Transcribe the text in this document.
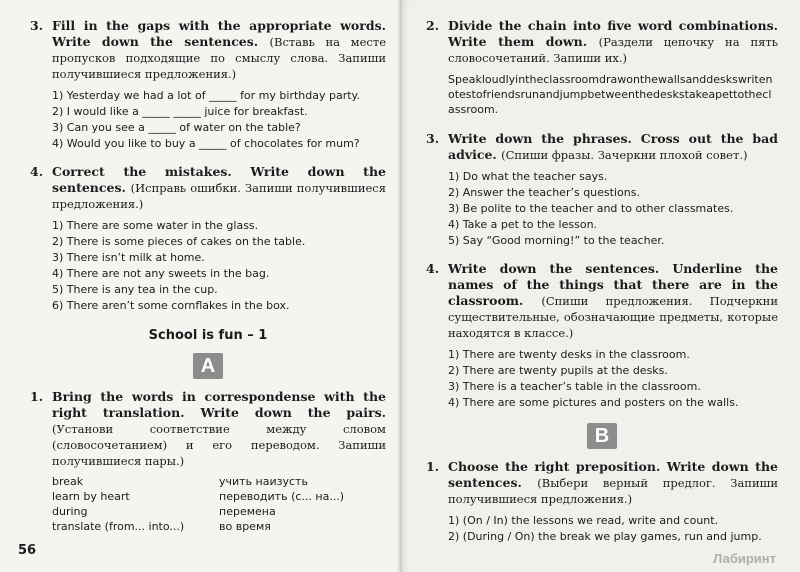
3. Fill in the gaps with the appropriate words. Write down the sentences. (Вставь на месте пропусков подходящие по смыслу слова. Запиши получившиеся предложения.)

1) Yesterday we had a lot of _____ for my birthday party.
2) I would like a _____ _____ juice for breakfast.
3) Can you see a _____ of water on the table?
4) Would you like to buy a _____ of chocolates for mum?
4. Correct the mistakes. Write down the sentences. (Исправь ошибки. Запиши получившиеся предложения.)

1) There are some water in the glass.
2) There is some pieces of cakes on the table.
3) There isn’t milk at home.
4) There are not any sweets in the bag.
5) There is any tea in the cup.
6) There aren’t some cornflakes in the box.
School is fun – 1
A
1. Bring the words in correspondense with the right translation. Write down the pairs. (Установи соответствие между словом (словосочетанием) и его переводом. Запиши получившиеся пары.)

break
learn by heart
during
translate (from... into...)
учить наизусть
переводить (с... на...)
перемена
во время
56
2. Divide the chain into five word combinations. Write them down. (Раздели цепочку на пять словосочетаний. Запиши их.)

Speakloudlyintheclassroomdrawonthewallsanddeskswritenotestofriendsrunandjumpbetweenthedeskstakeapettotheclassroom.
3. Write down the phrases. Cross out the bad advice. (Спиши фразы. Зачеркни плохой совет.)

1) Do what the teacher says.
2) Answer the teacher’s questions.
3) Be polite to the teacher and to other classmates.
4) Take a pet to the lesson.
5) Say “Good morning!” to the teacher.
4. Write down the sentences. Underline the names of the things that there are in the classroom. (Спиши предложения. Подчеркни существительные, обозначающие предметы, которые находятся в классе.)

1) There are twenty desks in the classroom.
2) There are twenty pupils at the desks.
3) There is a teacher’s table in the classroom.
4) There are some pictures and posters on the walls.
B
1. Choose the right preposition. Write down the sentences. (Выбери верный предлог. Запиши получившиеся предложения.)

1) (On / In) the lessons we read, write and count.
2) (During / On) the break we play games, run and jump.
Лабиринт
